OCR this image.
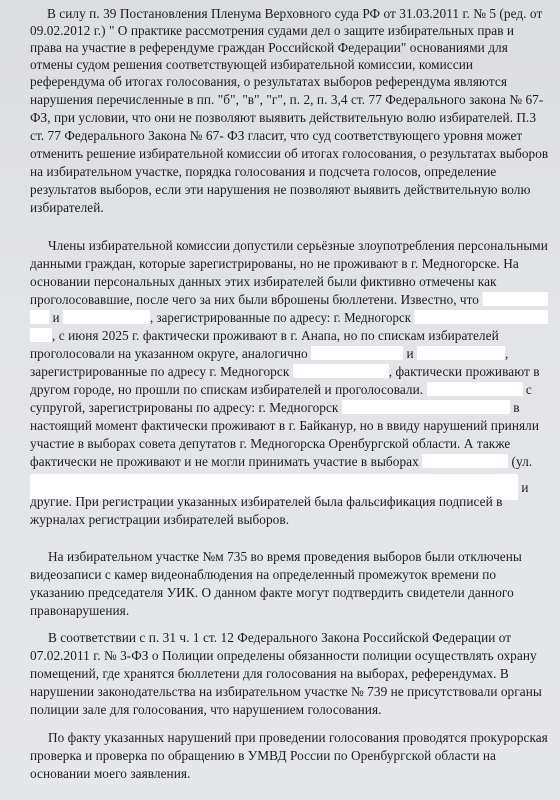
В силу п. 39 Постановления Пленума Верховного суда РФ от 31.03.2011 г. № 5 (ред. от
09.02.2012 г.) " О практике рассмотрения судами дел о защите избирательных прав и
права на участие в референдуме граждан Российской Федерации" основаниями для
отмены судом решения соответствующей избирательной комиссии, комиссии
референдума об итогах голосования, о результатах выборов референдума являются
нарушения перечисленные в пп. "б", "в", "г", п. 2, п. 3,4 ст. 77 Федерального закона № 67-
ФЗ, при условии, что они не позволяют выявить действительную волю избирателей. П.3
ст. 77 Федерального Закона № 67- ФЗ гласит, что суд соответствующего уровня может
отменить решение избирательной комиссии об итогах голосования, о результатах выборов
на избирательном участке, порядка голосования и подсчета голосов, определение
результатов выборов, если эти нарушения не позволяют выявить действительную волю
избирателей.
Члены избирательной комиссии допустили серьёзные злоупотребления персональными
данными граждан, которые зарегистрированы, но не проживают в г. Медногорске. На
основании персональных данных этих избирателей были фиктивно отмечены как
проголосовавшие, после чего за них были вброшены бюллетени. Известно, что
и	, зарегистрированные по адресу: г. Медногорск
, с июня 2025 г. фактически проживают в г. Анапа, но по спискам избирателей
проголосовали на указанном округе, аналогично	и	,
зарегистрированные по адресу г. Медногорск	, фактически проживают в
другом городе, но прошли по спискам избирателей и проголосовали.	с
супругой, зарегистрированы по адресу: г. Медногорск	в
настоящий момент фактически проживают в г. Байканур, но в ввиду нарушений приняли
участие в выборах совета депутатов г. Медногорска Оренбургской области. А также
фактически не проживают и не могли принимать участие в выборах	(ул.
и
другие. При регистрации указанных избирателей была фальсификация подписей в
журналах регистрации избирателей выборов.
На избирательном участке №м 735 во время проведения выборов были отключены
видеозаписи с камер видеонаблюдения на определенный промежуток времени по
указанию председателя УИК. О данном факте могут подтвердить свидетели данного
правонарушения.
В соответствии с п. 31 ч. 1 ст. 12 Федерального Закона Российской Федерации от
07.02.2011 г. № 3-ФЗ о Полиции определены обязанности полиции осуществлять охрану
помещений, где хранятся бюллетени для голосования на выборах, референдумах. В
нарушении законодательства на избирательном участке № 739 не присутствовали органы
полиции зале для голосования, что нарушением голосования.
По факту указанных нарушений при проведении голосования проводятся прокурорская
проверка и проверка по обращению в УМВД России по Оренбургской области на
основании моего заявления.
